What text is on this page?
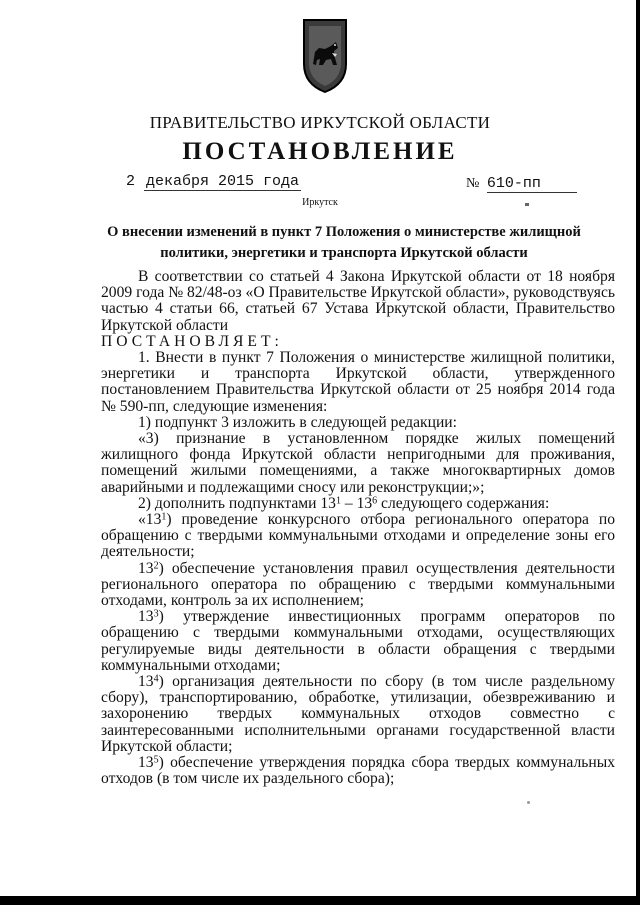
ПРАВИТЕЛЬСТВО ИРКУТСКОЙ ОБЛАСТИ
ПОСТАНОВЛЕНИЕ
2 декабря 2015 года	№ 610-пп
Иркутск
О внесении изменений в пункт 7 Положения о министерстве жилищной политики, энергетики и транспорта Иркутской области

В соответствии со статьей 4 Закона Иркутской области от 18 ноября 2009 года № 82/48-оз «О Правительстве Иркутской области», руководствуясь частью 4 статьи 66, статьей 67 Устава Иркутской области, Правительство Иркутской области

ПОСТАНОВЛЯЕТ:

1. Внести в пункт 7 Положения о министерстве жилищной политики, энергетики и транспорта Иркутской области, утвержденного постановлением Правительства Иркутской области от 25 ноября 2014 года № 590-пп, следующие изменения:

1) подпункт 3 изложить в следующей редакции:

«3) признание в установленном порядке жилых помещений жилищного фонда Иркутской области непригодными для проживания, помещений жилыми помещениями, а также многоквартирных домов аварийными и подлежащими сносу или реконструкции;»;

2) дополнить подпунктами $13^1 - 13^6$ следующего содержания:

«$13^1$) проведение конкурсного отбора регионального оператора по обращению с твердыми коммунальными отходами и определение зоны его деятельности;

$13^2$) обеспечение установления правил осуществления деятельности регионального оператора по обращению с твердыми коммунальными отходами, контроль за их исполнением;

$13^3$) утверждение инвестиционных программ операторов по обращению с твердыми коммунальными отходами, осуществляющих регулируемые виды деятельности в области обращения с твердыми коммунальными отходами;

$13^4$) организация деятельности по сбору (в том числе раздельному сбору), транспортированию, обработке, утилизации, обезвреживанию и захоронению твердых коммунальных отходов совместно с заинтересованными исполнительными органами государственной власти Иркутской области;

$13^5$) обеспечение утверждения порядка сбора твердых коммунальных отходов (в том числе их раздельного сбора);
